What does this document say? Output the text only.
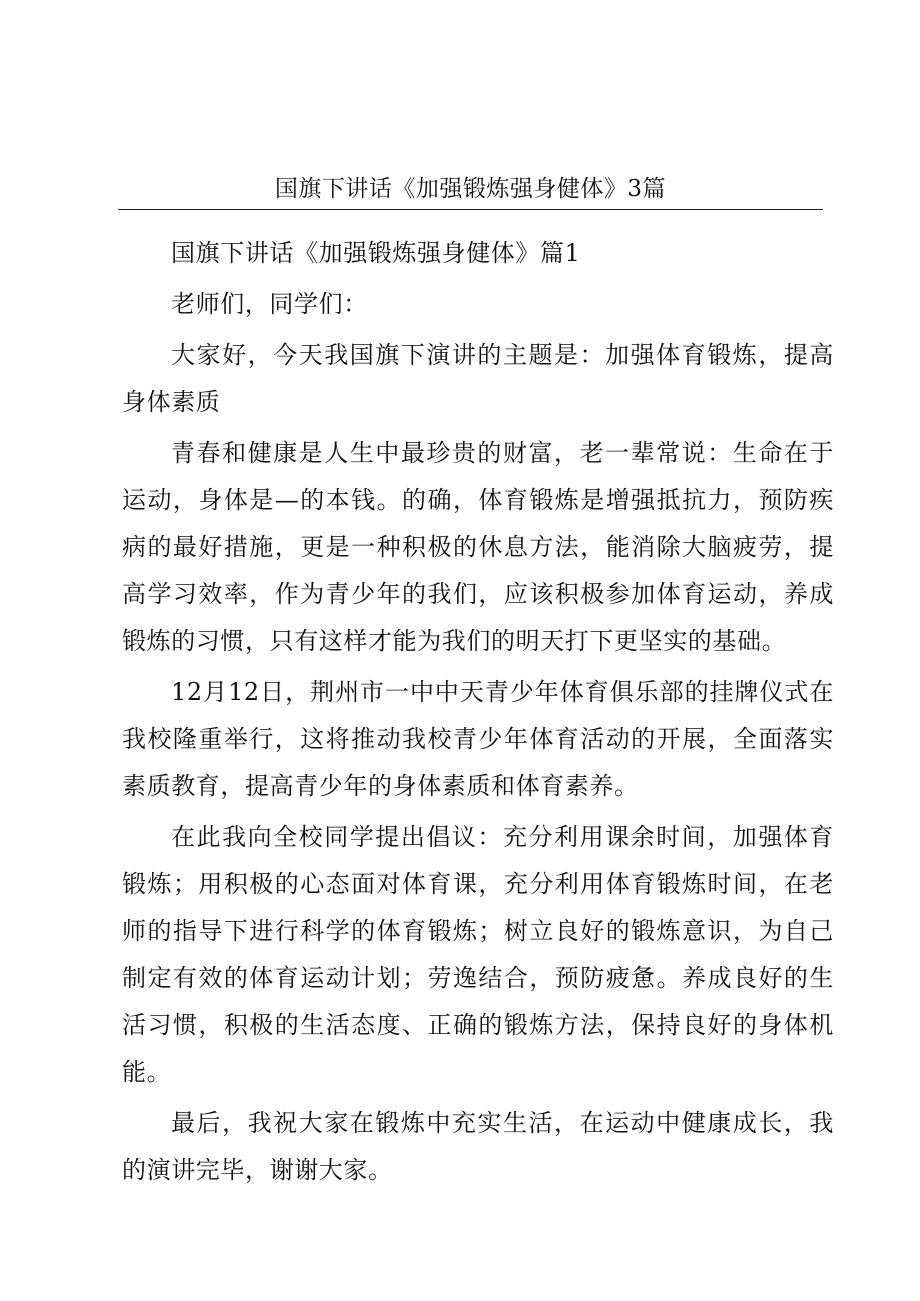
国旗下讲话《加强锻炼强身健体》3篇

国旗下讲话《加强锻炼强身健体》篇1

老师们，同学们：

大家好，今天我国旗下演讲的主题是：加强体育锻炼，提高身体素质

青春和健康是人生中最珍贵的财富，老一辈常说：生命在于运动，身体是—的本钱。的确，体育锻炼是增强抵抗力，预防疾病的最好措施，更是一种积极的休息方法，能消除大脑疲劳，提高学习效率，作为青少年的我们，应该积极参加体育运动，养成锻炼的习惯，只有这样才能为我们的明天打下更坚实的基础。

12月12日，荆州市一中中天青少年体育俱乐部的挂牌仪式在我校隆重举行，这将推动我校青少年体育活动的开展，全面落实素质教育，提高青少年的身体素质和体育素养。

在此我向全校同学提出倡议：充分利用课余时间，加强体育锻炼；用积极的心态面对体育课，充分利用体育锻炼时间，在老师的指导下进行科学的体育锻炼；树立良好的锻炼意识，为自己制定有效的体育运动计划；劳逸结合，预防疲惫。养成良好的生活习惯，积极的生活态度、正确的锻炼方法，保持良好的身体机能。

最后，我祝大家在锻炼中充实生活，在运动中健康成长，我的演讲完毕，谢谢大家。
